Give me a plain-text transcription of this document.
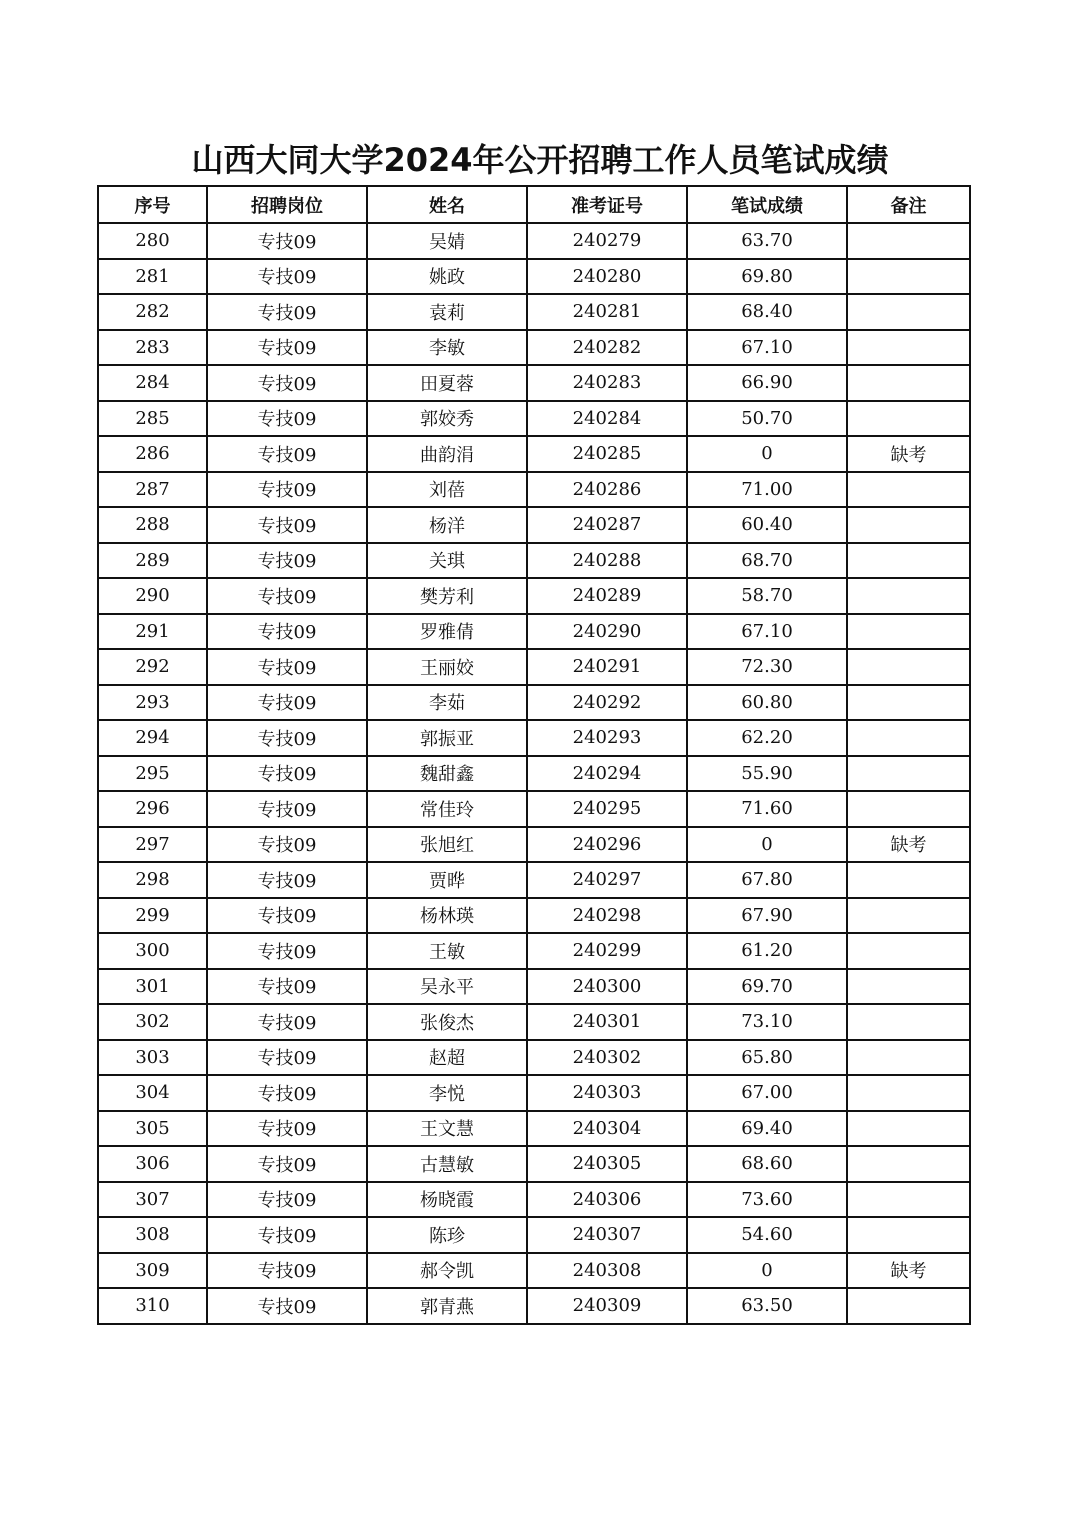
山西大同大学2024年公开招聘工作人员笔试成绩
序号	招聘岗位	姓名	准考证号	笔试成绩	备注
280	专技09	吴婧	240279	63.70	
281	专技09	姚政	240280	69.80	
282	专技09	袁莉	240281	68.40	
283	专技09	李敏	240282	67.10	
284	专技09	田夏蓉	240283	66.90	
285	专技09	郭姣秀	240284	50.70	
286	专技09	曲韵涓	240285	0	缺考
287	专技09	刘蓓	240286	71.00	
288	专技09	杨洋	240287	60.40	
289	专技09	关琪	240288	68.70	
290	专技09	樊芳利	240289	58.70	
291	专技09	罗雅倩	240290	67.10	
292	专技09	王丽姣	240291	72.30	
293	专技09	李茹	240292	60.80	
294	专技09	郭振亚	240293	62.20	
295	专技09	魏甜鑫	240294	55.90	
296	专技09	常佳玲	240295	71.60	
297	专技09	张旭红	240296	0	缺考
298	专技09	贾晔	240297	67.80	
299	专技09	杨林瑛	240298	67.90	
300	专技09	王敏	240299	61.20	
301	专技09	吴永平	240300	69.70	
302	专技09	张俊杰	240301	73.10	
303	专技09	赵超	240302	65.80	
304	专技09	李悦	240303	67.00	
305	专技09	王文慧	240304	69.40	
306	专技09	古慧敏	240305	68.60	
307	专技09	杨晓霞	240306	73.60	
308	专技09	陈珍	240307	54.60	
309	专技09	郝令凯	240308	0	缺考
310	专技09	郭青燕	240309	63.50	
